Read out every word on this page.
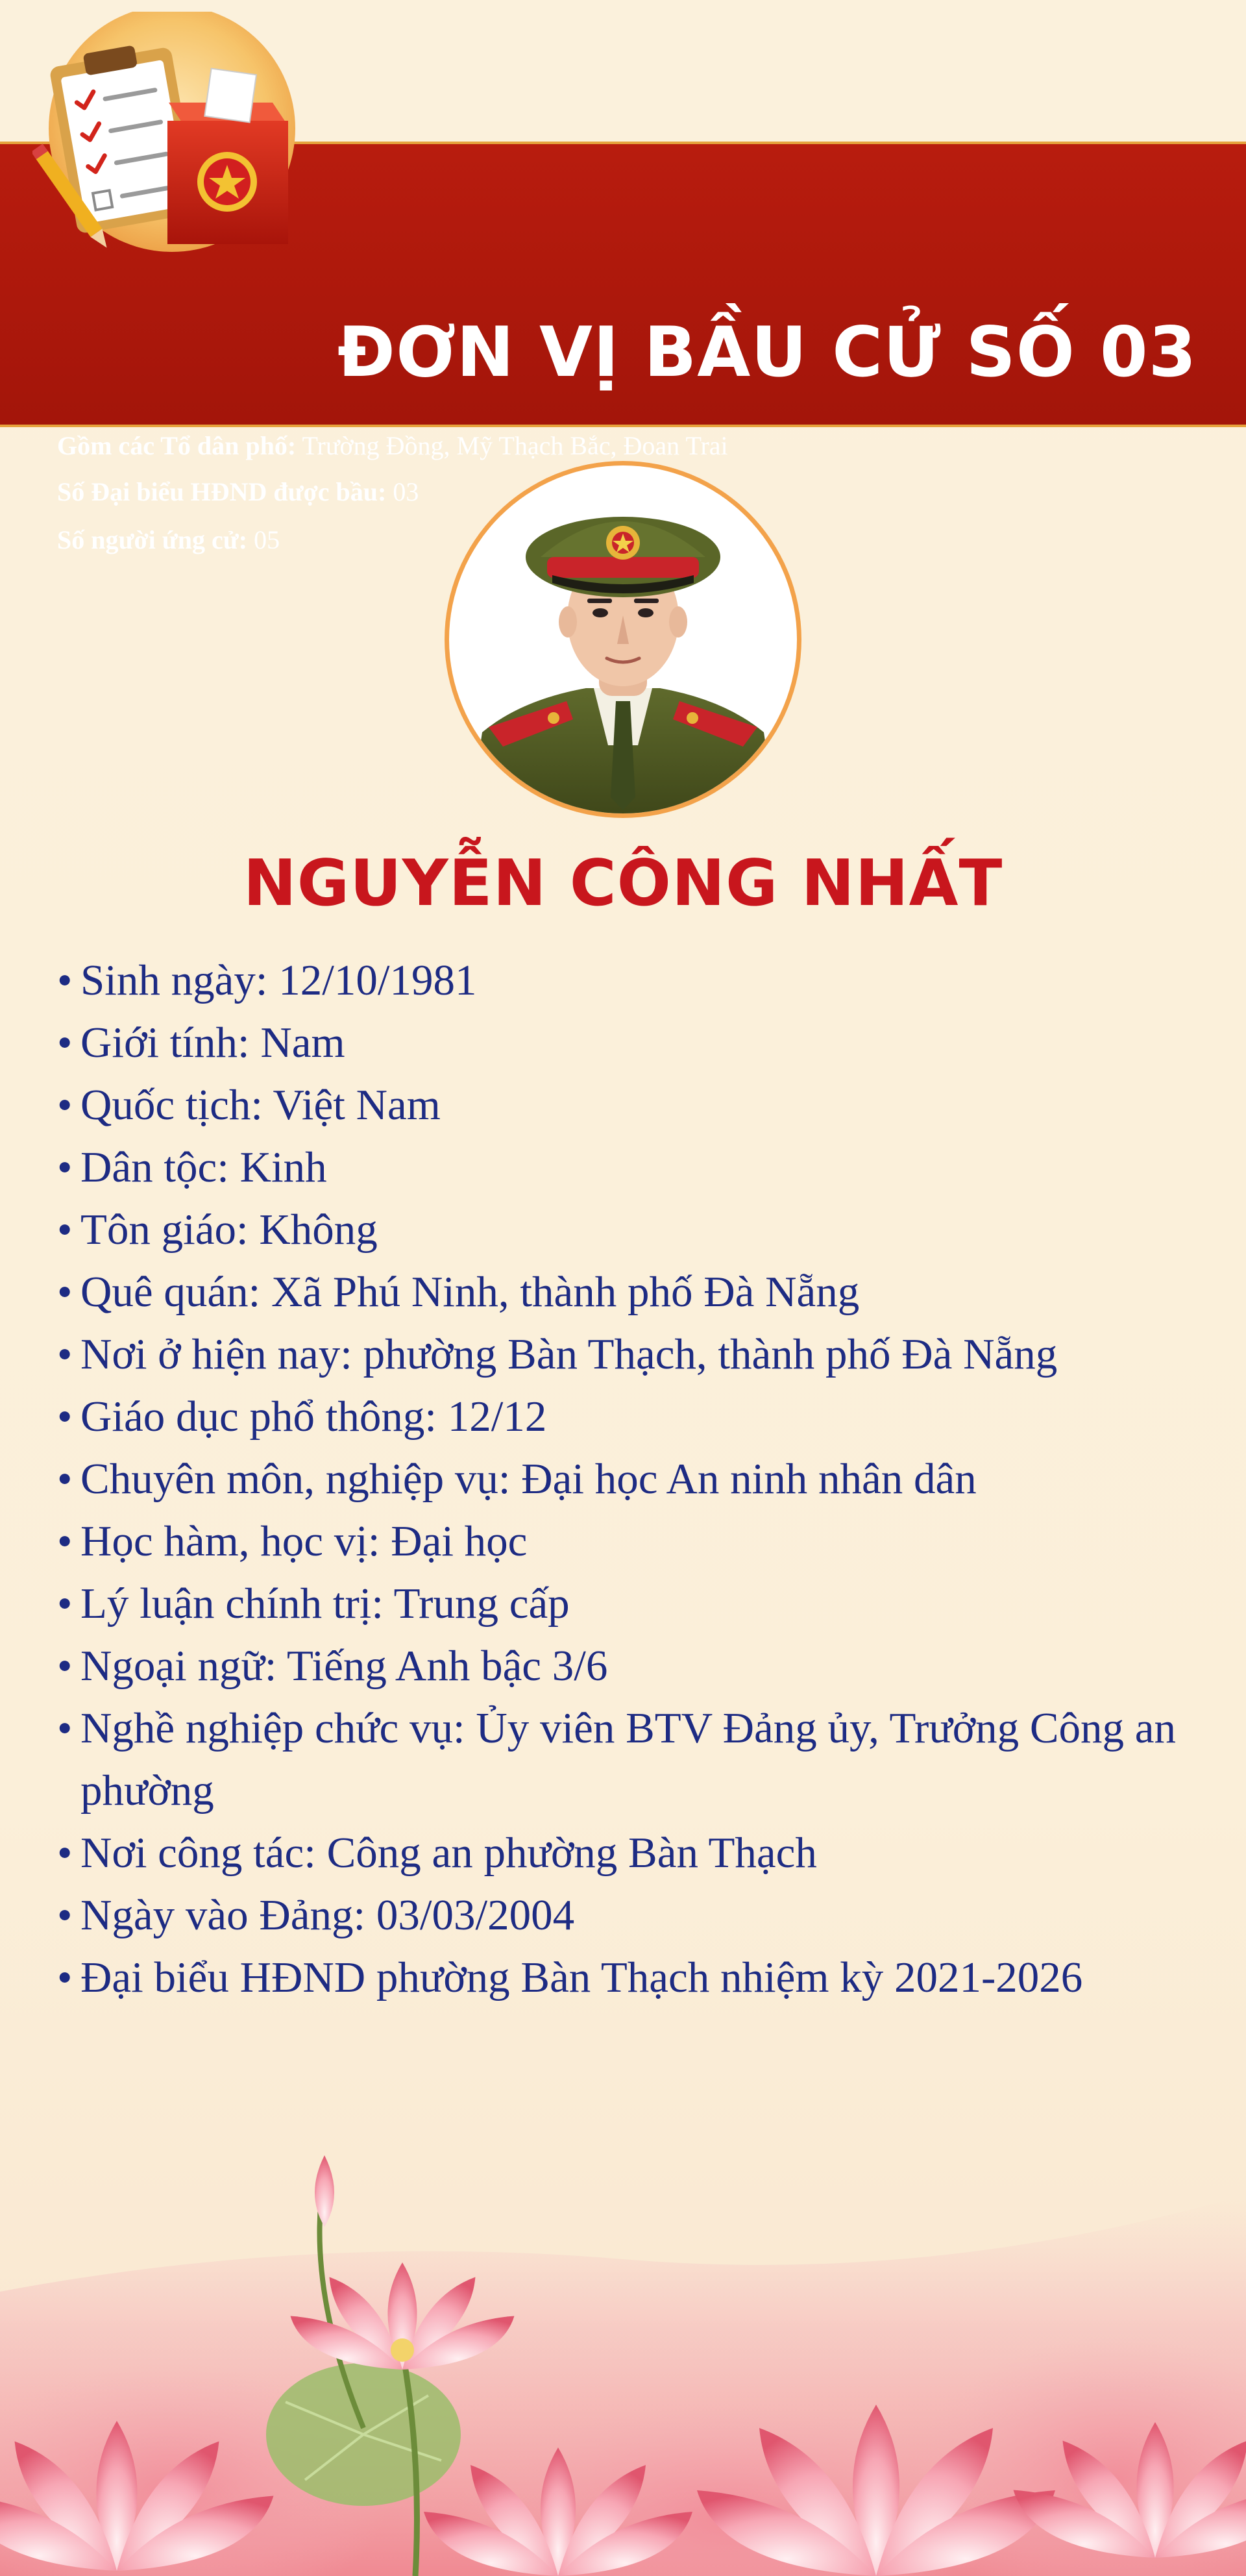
ĐƠN VỊ BẦU CỬ SỐ 03
Gồm các Tổ dân phố: Trường Đồng, Mỹ Thạch Bắc, Đoan Trai
Số Đại biểu HĐND được bầu: 03
Số người ứng cử: 05
NGUYỄN CÔNG NHẤT
• Sinh ngày: 12/10/1981
• Giới tính: Nam
• Quốc tịch: Việt Nam
• Dân tộc: Kinh
• Tôn giáo: Không
• Quê quán: Xã Phú Ninh, thành phố Đà Nẵng
• Nơi ở hiện nay: phường Bàn Thạch, thành phố Đà Nẵng
• Giáo dục phổ thông: 12/12
• Chuyên môn, nghiệp vụ: Đại học An ninh nhân dân
• Học hàm, học vị: Đại học
• Lý luận chính trị: Trung cấp
• Ngoại ngữ: Tiếng Anh bậc 3/6
• Nghề nghiệp chức vụ: Ủy viên BTV Đảng ủy, Trưởng Công an phường
• Nơi công tác: Công an phường Bàn Thạch
• Ngày vào Đảng: 03/03/2004
• Đại biểu HĐND phường Bàn Thạch nhiệm kỳ 2021-2026
